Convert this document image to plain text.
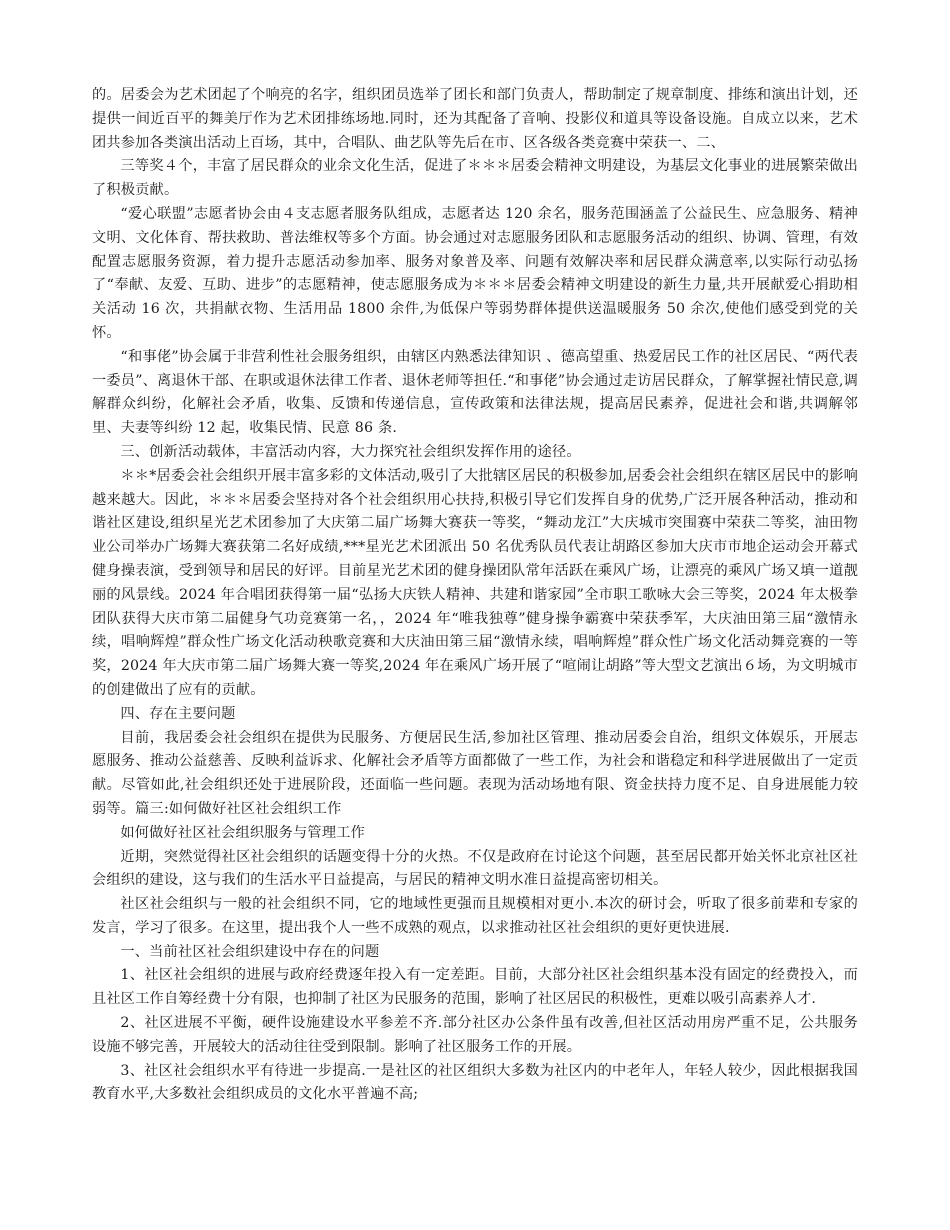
的。居委会为艺术团起了个响亮的名字，组织团员选举了团长和部门负责人，帮助制定了规章制度、排练和演出计划，还提供一间近百平的舞美厅作为艺术团排练场地.同时，还为其配备了音响、投影仪和道具等设备设施。自成立以来，艺术团共参加各类演出活动上百场，其中，合唱队、曲艺队等先后在市、区各级各类竞赛中荣获一、二、

三等奖４个，丰富了居民群众的业余文化生活，促进了＊＊＊居委会精神文明建设，为基层文化事业的进展繁荣做出了积极贡献。

“爱心联盟”志愿者协会由４支志愿者服务队组成，志愿者达 120 余名，服务范围涵盖了公益民生、应急服务、精神文明、文化体育、帮扶救助、普法维权等多个方面。协会通过对志愿服务团队和志愿服务活动的组织、协调、管理，有效配置志愿服务资源，着力提升志愿活动参加率、服务对象普及率、问题有效解决率和居民群众满意率,以实际行动弘扬了“奉献、友爱、互助、进步”的志愿精神，使志愿服务成为＊＊＊居委会精神文明建设的新生力量,共开展献爱心捐助相关活动 16 次，共捐献衣物、生活用品 1800 余件,为低保户等弱势群体提供送温暖服务 50 余次,使他们感受到党的关怀。

“和事佬”协会属于非营利性社会服务组织，由辖区内熟悉法律知识 、德高望重、热爱居民工作的社区居民、“两代表一委员”、离退休干部、在职或退休法律工作者、退休老师等担任.“和事佬”协会通过走访居民群众，了解掌握社情民意,调解群众纠纷，化解社会矛盾，收集、反馈和传递信息，宣传政策和法律法规，提高居民素养，促进社会和谐,共调解邻里、夫妻等纠纷 12 起，收集民情、民意 86 条.

三、创新活动载体，丰富活动内容，大力探究社会组织发挥作用的途径。

＊＊*居委会社会组织开展丰富多彩的文体活动,吸引了大批辖区居民的积极参加,居委会社会组织在辖区居民中的影响越来越大。因此，＊＊＊居委会坚持对各个社会组织用心扶持,积极引导它们发挥自身的优势,广泛开展各种活动，推动和谐社区建设,组织星光艺术团参加了大庆第二届广场舞大赛获一等奖，“舞动龙江”大庆城市突围赛中荣获二等奖，油田物业公司举办广场舞大赛获第二名好成绩,***星光艺术团派出 50 名优秀队员代表让胡路区参加大庆市市地企运动会开幕式健身操表演，受到领导和居民的好评。目前星光艺术团的健身操团队常年活跃在乘风广场，让漂亮的乘风广场又填一道靓丽的风景线。2024 年合唱团获得第一届“弘扬大庆铁人精神、共建和谐家园”全市职工歌咏大会三等奖，2024 年太极拳团队获得大庆市第二届健身气功竞赛第一名，，2024 年“唯我独尊”健身操争霸赛中荣获季军，大庆油田第三届“激情永续，唱响辉煌”群众性广场文化活动秧歌竞赛和大庆油田第三届“激情永续，唱响辉煌”群众性广场文化活动舞竞赛的一等奖，2024 年大庆市第二届广场舞大赛一等奖,2024 年在乘风广场开展了“喧闹让胡路”等大型文艺演出６场，为文明城市的创建做出了应有的贡献。

四、存在主要问题

目前，我居委会社会组织在提供为民服务、方便居民生活,参加社区管理、推动居委会自治，组织文体娱乐，开展志愿服务、推动公益慈善、反映利益诉求、化解社会矛盾等方面都做了一些工作，为社会和谐稳定和科学进展做出了一定贡献。尽管如此,社会组织还处于进展阶段，还面临一些问题。表现为活动场地有限、资金扶持力度不足、自身进展能力较弱等。篇三:如何做好社区社会组织工作

如何做好社区社会组织服务与管理工作

近期，突然觉得社区社会组织的话题变得十分的火热。不仅是政府在讨论这个问题，甚至居民都开始关怀北京社区社会组织的建设，这与我们的生活水平日益提高，与居民的精神文明水准日益提高密切相关。

社区社会组织与一般的社会组织不同，它的地域性更强而且规模相对更小.本次的研讨会，听取了很多前辈和专家的发言，学习了很多。在这里，提出我个人一些不成熟的观点，以求推动社区社会组织的更好更快进展.

一、当前社区社会组织建设中存在的问题

1、社区社会组织的进展与政府经费逐年投入有一定差距。目前，大部分社区社会组织基本没有固定的经费投入，而且社区工作自筹经费十分有限，也抑制了社区为民服务的范围，影响了社区居民的积极性，更难以吸引高素养人才.

2、社区进展不平衡，硬件设施建设水平参差不齐.部分社区办公条件虽有改善,但社区活动用房严重不足，公共服务设施不够完善，开展较大的活动往往受到限制。影响了社区服务工作的开展。

3、社区社会组织水平有待进一步提高.一是社区的社区组织大多数为社区内的中老年人，年轻人较少，因此根据我国教育水平,大多数社会组织成员的文化水平普遍不高;
